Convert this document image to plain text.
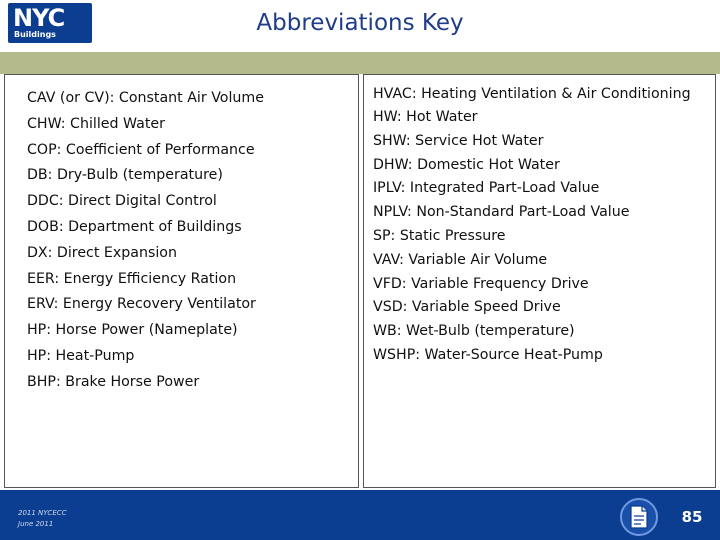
NYC
Buildings	Abbreviations Key
CAV (or CV): Constant Air Volume
CHW: Chilled Water
COP: Coefficient of Performance
DB: Dry-Bulb (temperature)
DDC: Direct Digital Control
DOB: Department of Buildings
DX: Direct Expansion
EER: Energy Efficiency Ration
ERV: Energy Recovery Ventilator
HP: Horse Power (Nameplate)
HP: Heat-Pump
BHP: Brake Horse Power
HVAC: Heating Ventilation & Air Conditioning
HW: Hot Water
SHW: Service Hot Water
DHW: Domestic Hot Water
IPLV: Integrated Part-Load Value
NPLV: Non-Standard Part-Load Value
SP: Static Pressure
VAV: Variable Air Volume
VFD: Variable Frequency Drive
VSD: Variable Speed Drive
WB: Wet-Bulb (temperature)
WSHP: Water-Source Heat-Pump
2011 NYCECC
June 2011	85
